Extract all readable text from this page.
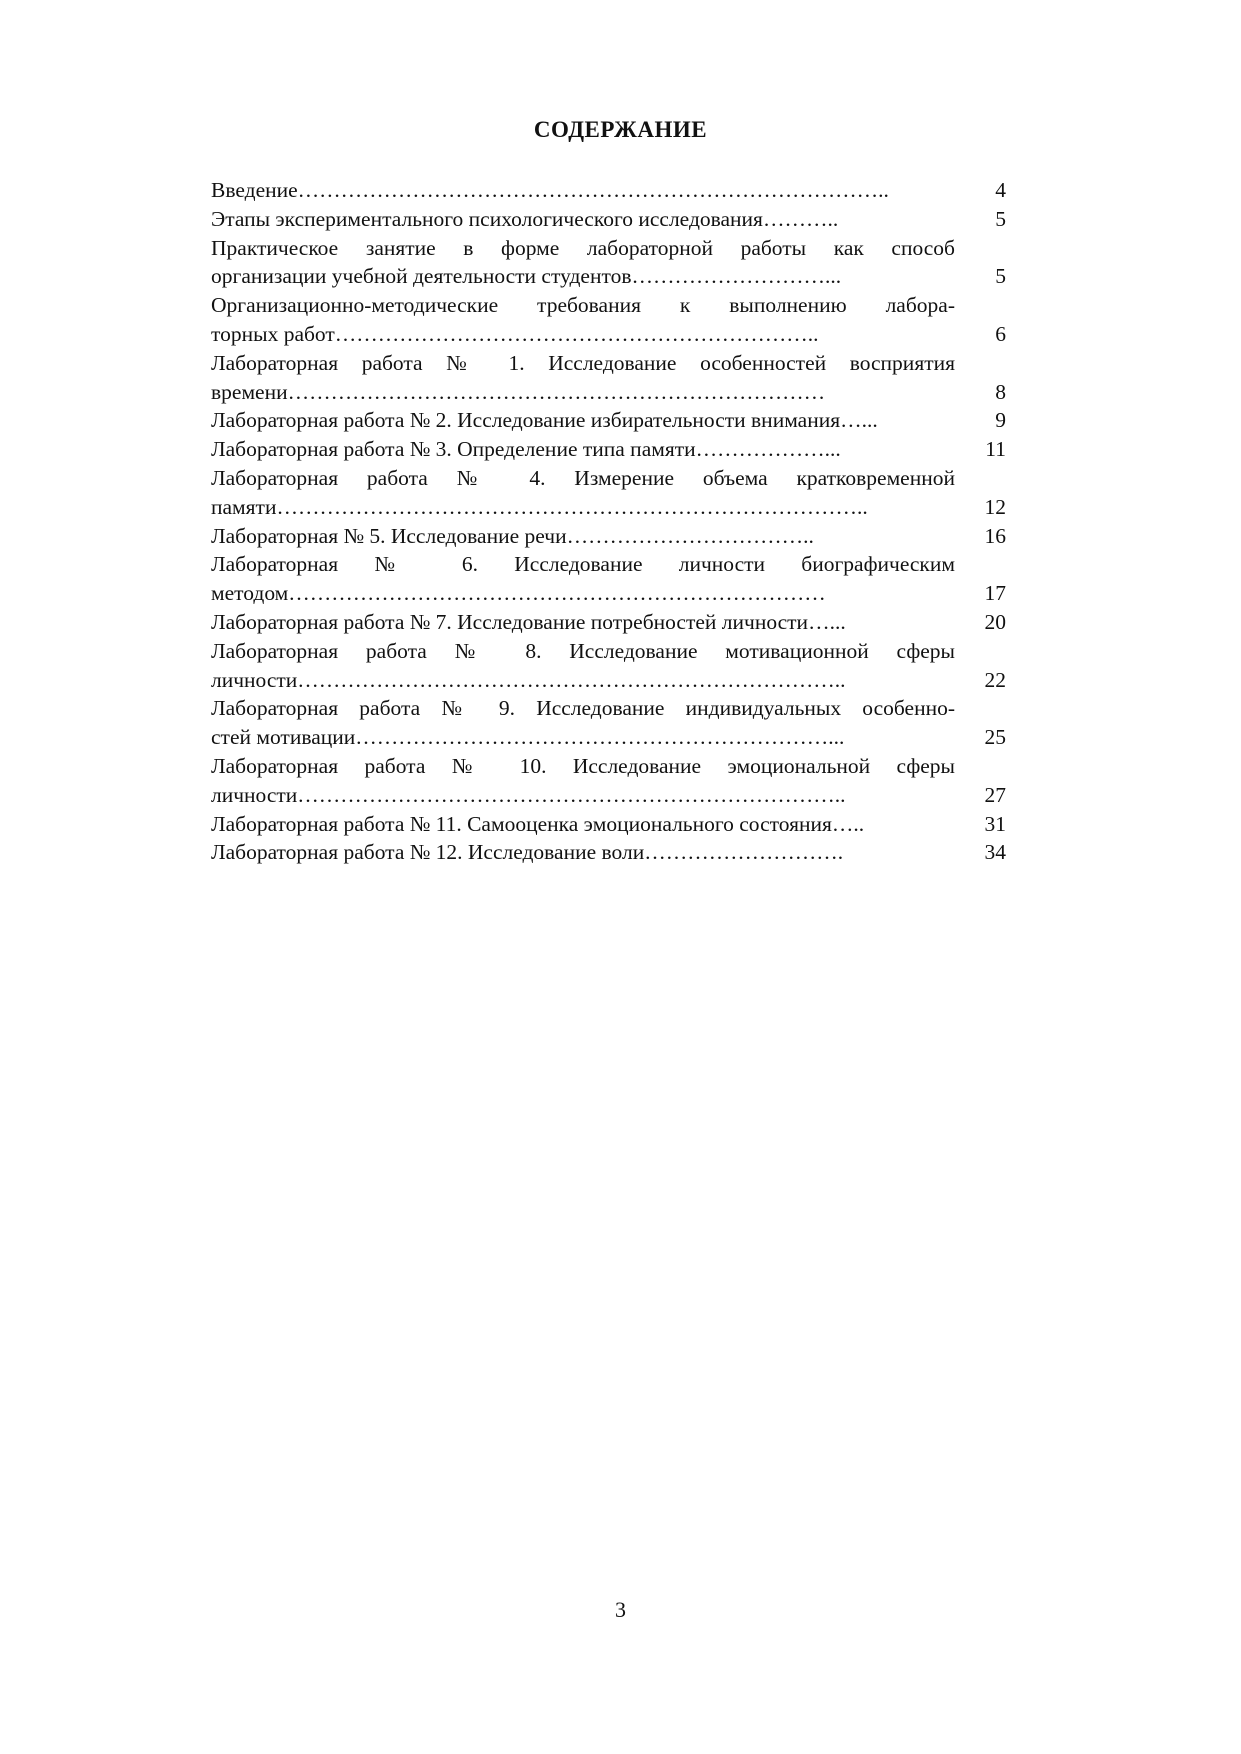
СОДЕРЖАНИЕ
Введение………………………………………………………………………..	4
Этапы экспериментального психологического исследования………..	5
Практическое занятие в форме лабораторной работы как способ организации учебной деятельности студентов………………………...	5
Организационно-методические требования к выполнению лабора- торных работ…………………………………………………………..	6
Лабораторная работа № 1. Исследование особенностей восприятия времени…………………………………………………………………	8
Лабораторная работа № 2. Исследование избирательности внимания…...	9
Лабораторная работа № 3. Определение типа памяти………………...	11
Лабораторная работа № 4. Измерение объема кратковременной памяти………………………………………………………………………..	12
Лабораторная № 5. Исследование речи……………………………..	16
Лабораторная № 6. Исследование личности биографическим методом…………………………………………………………………	17
Лабораторная работа № 7. Исследование потребностей личности…...	20
Лабораторная работа № 8. Исследование мотивационной сферы личности…………………………………………………………………..	22
Лабораторная работа № 9. Исследование индивидуальных особенно- стей мотивации…………………………………………………………...	25
Лабораторная работа № 10. Исследование эмоциональной сферы личности…………………………………………………………………..	27
Лабораторная работа № 11. Самооценка эмоционального состояния…..	31
Лабораторная работа № 12. Исследование воли……………………….	34
3
